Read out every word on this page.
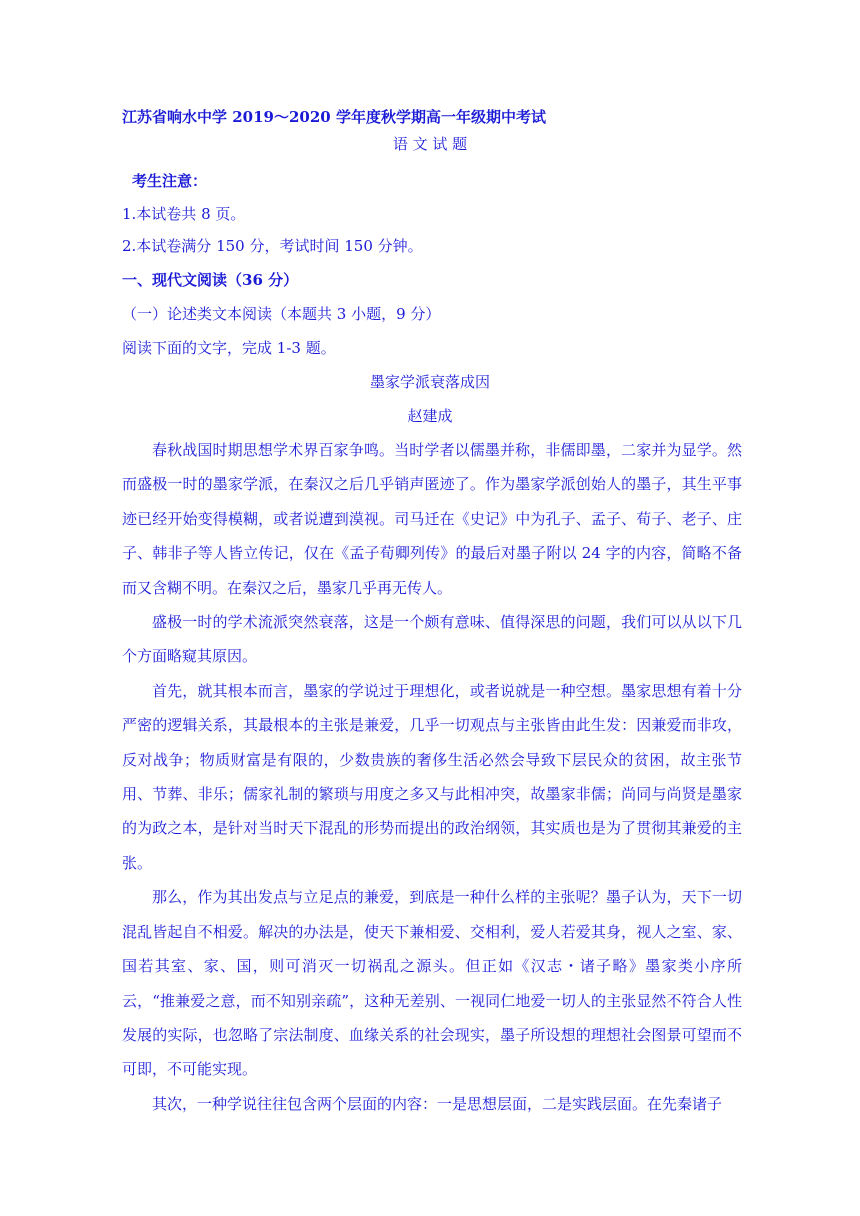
江苏省响水中学 2019～2020 学年度秋学期高一年级期中考试
语 文 试 题
考生注意：
1.本试卷共 8 页。
2.本试卷满分 150 分，考试时间 150 分钟。
一、现代文阅读（36 分）
（一）论述类文本阅读（本题共 3 小题，9 分）
阅读下面的文字，完成 1-3 题。
墨家学派衰落成因
赵建成

春秋战国时期思想学术界百家争鸣。当时学者以儒墨并称，非儒即墨，二家并为显学。然而盛极一时的墨家学派，在秦汉之后几乎销声匿迹了。作为墨家学派创始人的墨子，其生平事迹已经开始变得模糊，或者说遭到漠视。司马迁在《史记》中为孔子、孟子、荀子、老子、庄子、韩非子等人皆立传记，仅在《孟子荀卿列传》的最后对墨子附以 24 字的内容，简略不备而又含糊不明。在秦汉之后，墨家几乎再无传人。

盛极一时的学术流派突然衰落，这是一个颇有意味、值得深思的问题，我们可以从以下几个方面略窥其原因。

首先，就其根本而言，墨家的学说过于理想化，或者说就是一种空想。墨家思想有着十分严密的逻辑关系，其最根本的主张是兼爱，几乎一切观点与主张皆由此生发：因兼爱而非攻，反对战争；物质财富是有限的，少数贵族的奢侈生活必然会导致下层民众的贫困，故主张节用、节葬、非乐；儒家礼制的繁琐与用度之多又与此相冲突，故墨家非儒；尚同与尚贤是墨家的为政之本，是针对当时天下混乱的形势而提出的政治纲领，其实质也是为了贯彻其兼爱的主张。

那么，作为其出发点与立足点的兼爱，到底是一种什么样的主张呢？墨子认为，天下一切混乱皆起自不相爱。解决的办法是，使天下兼相爱、交相利，爱人若爱其身，视人之室、家、国若其室、家、国，则可消灭一切祸乱之源头。但正如《汉志・诸子略》墨家类小序所云，“推兼爱之意，而不知别亲疏”，这种无差别、一视同仁地爱一切人的主张显然不符合人性发展的实际，也忽略了宗法制度、血缘关系的社会现实，墨子所设想的理想社会图景可望而不可即，不可能实现。

其次，一种学说往往包含两个层面的内容：一是思想层面，二是实践层面。在先秦诸子
